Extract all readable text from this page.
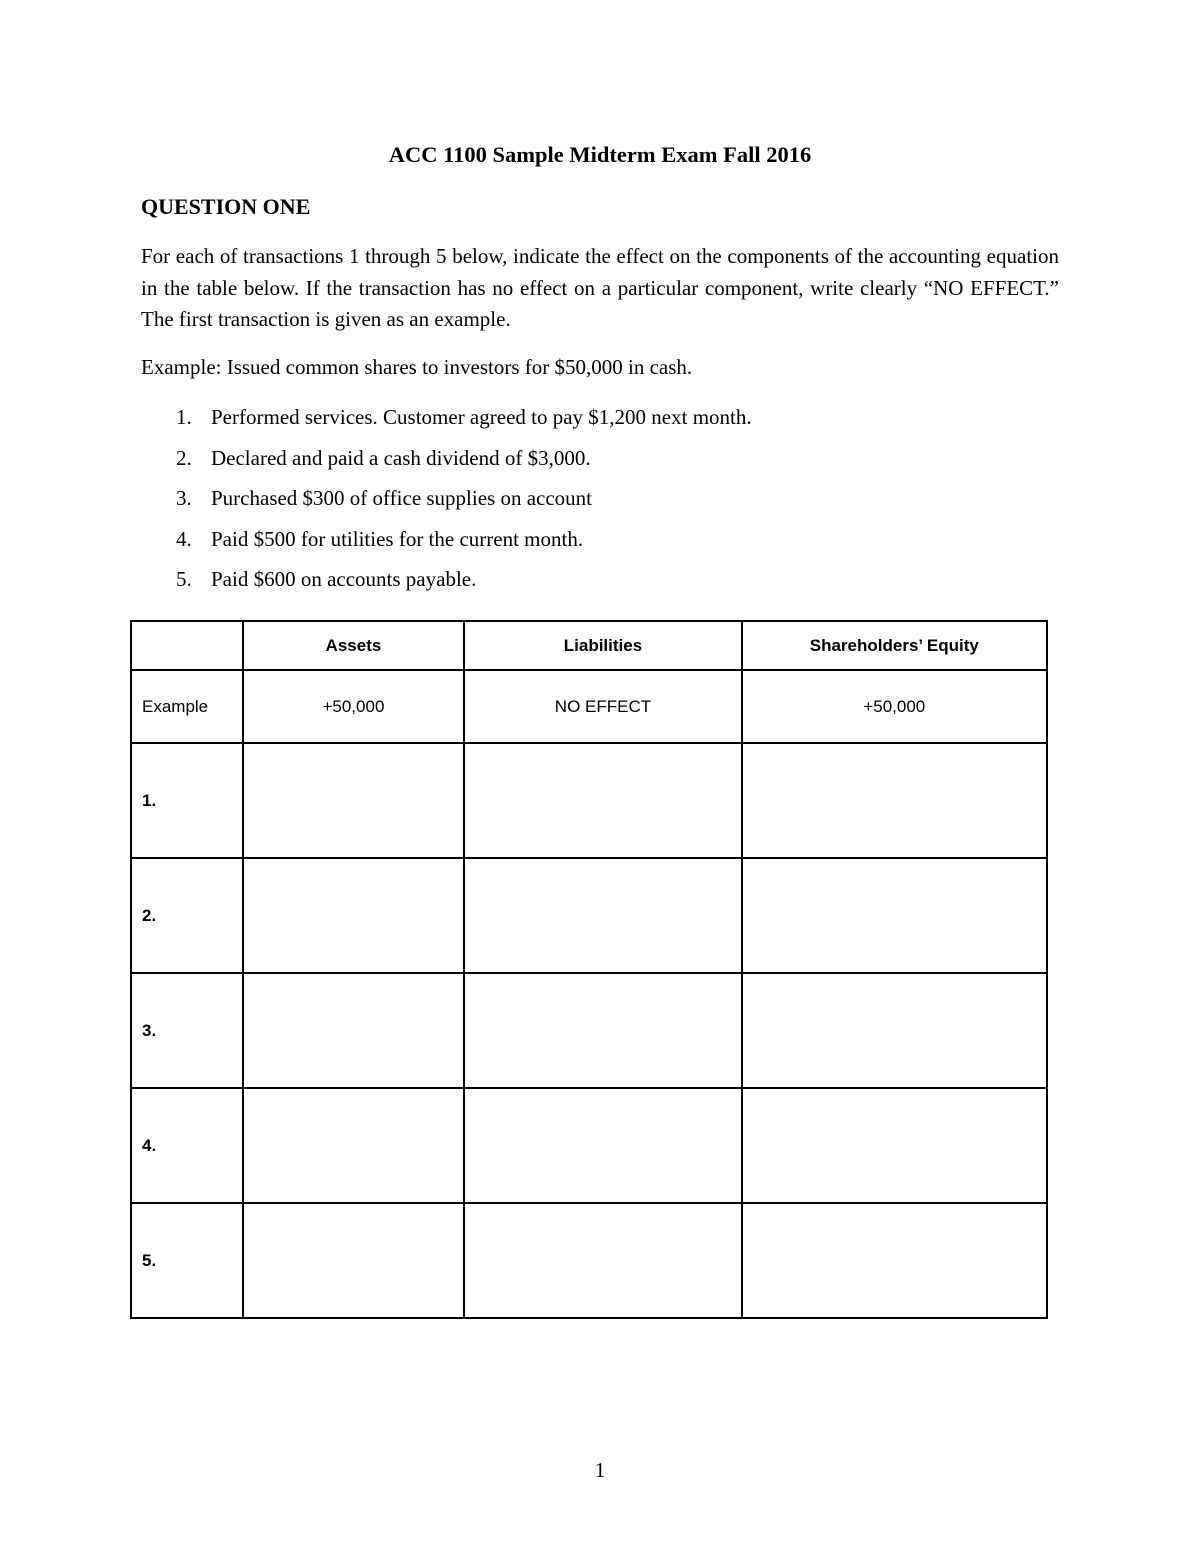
ACC 1100 Sample Midterm Exam Fall 2016
QUESTION ONE

For each of transactions 1 through 5 below, indicate the effect on the components of the accounting equation in the table below. If the transaction has no effect on a particular component, write clearly “NO EFFECT.” The first transaction is given as an example.

Example: Issued common shares to investors for $50,000 in cash.

1. Performed services. Customer agreed to pay $1,200 next month.
2. Declared and paid a cash dividend of $3,000.
3. Purchased $300 of office supplies on account
4. Paid $500 for utilities for the current month.
5. Paid $600 on accounts payable.
	Assets	Liabilities	Shareholders’ Equity
Example	+50,000	NO EFFECT	+50,000
1.			
2.			
3.			
4.			
5.			

1
